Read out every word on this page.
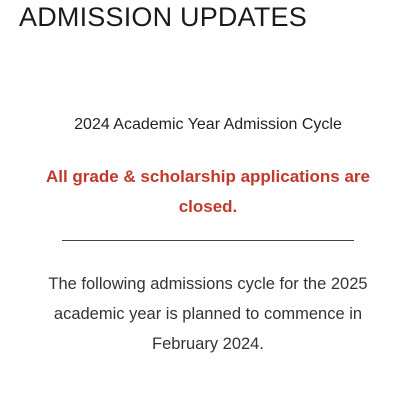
ADMISSION UPDATES

2024 Academic Year Admission Cycle

All grade & scholarship applications are closed.

The following admissions cycle for the 2025 academic year is planned to commence in February 2024.
